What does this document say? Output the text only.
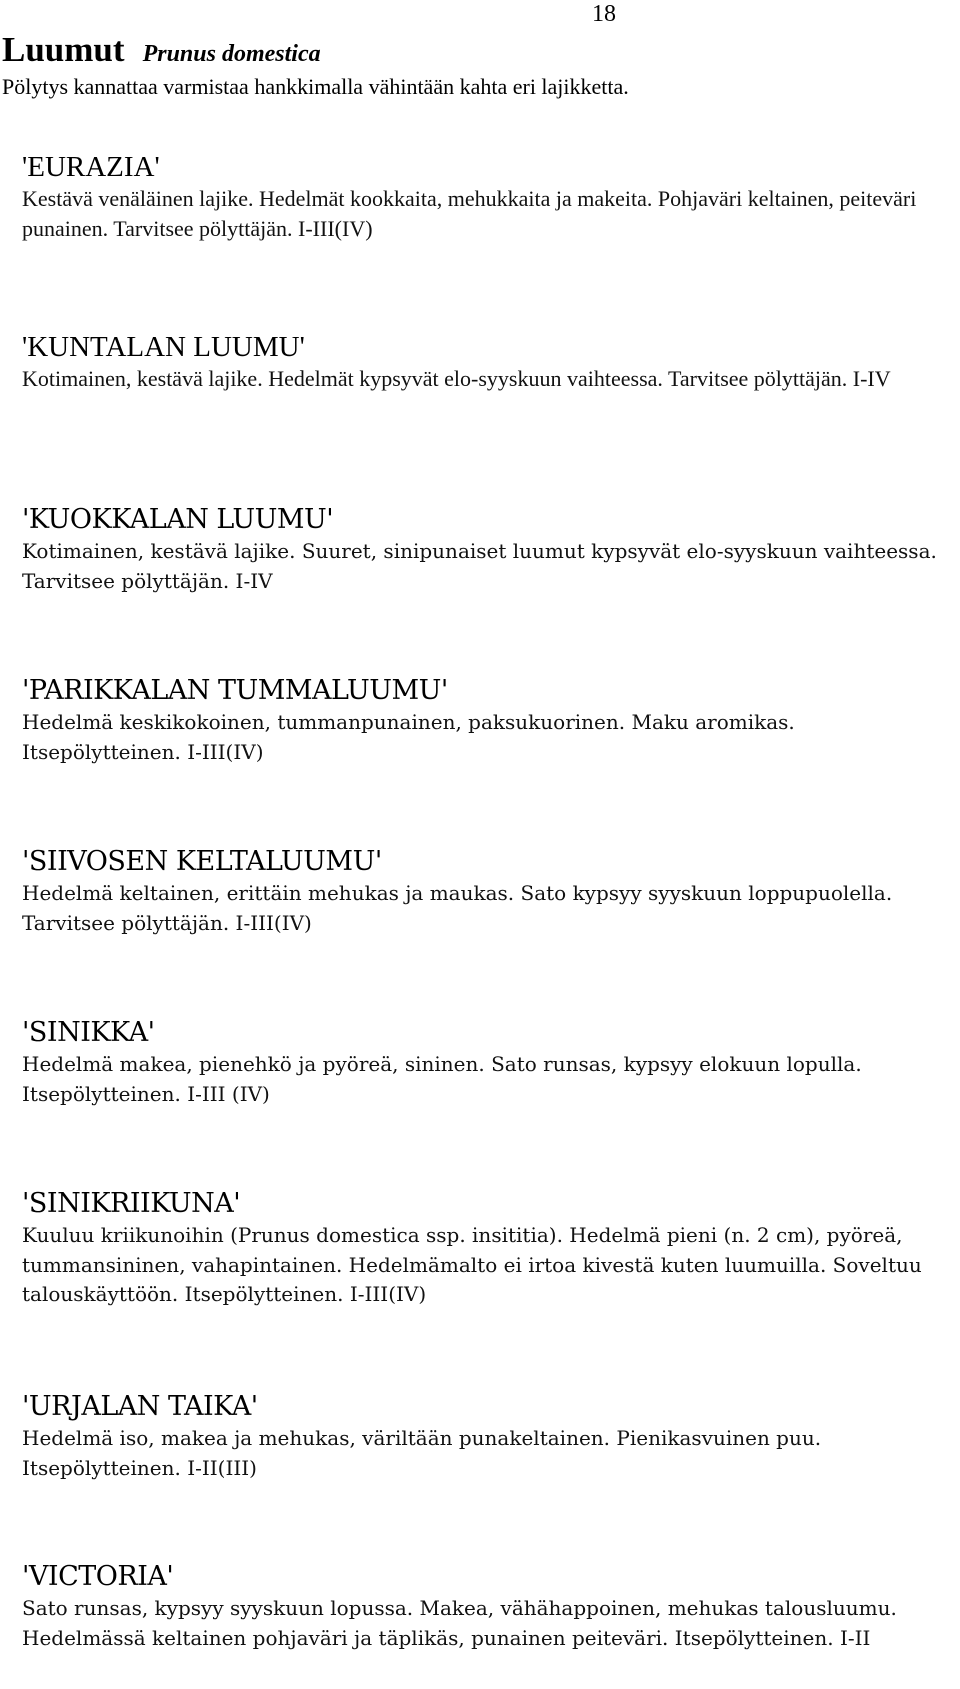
18
Luumut Prunus domestica
Pölytys kannattaa varmistaa hankkimalla vähintään kahta eri lajikketta.
'EURAZIA'
Kestävä venäläinen lajike. Hedelmät kookkaita, mehukkaita ja makeita. Pohjaväri keltainen, peiteväri punainen. Tarvitsee pölyttäjän. I-III(IV)
'KUNTALAN LUUMU'
Kotimainen, kestävä lajike. Hedelmät kypsyvät elo-syyskuun vaihteessa. Tarvitsee pölyttäjän. I-IV
'KUOKKALAN LUUMU'
Kotimainen, kestävä lajike. Suuret, sinipunaiset luumut kypsyvät elo-syyskuun vaihteessa. Tarvitsee pölyttäjän. I-IV
'PARIKKALAN TUMMALUUMU'
Hedelmä keskikokoinen, tummanpunainen, paksukuorinen. Maku aromikas. Itsepölytteinen. I-III(IV)
'SIIVOSEN KELTALUUMU'
Hedelmä keltainen, erittäin mehukas ja maukas. Sato kypsyy syyskuun loppupuolella. Tarvitsee pölyttäjän. I-III(IV)
'SINIKKA'
Hedelmä makea, pienehkö ja pyöreä, sininen. Sato runsas, kypsyy elokuun lopulla. Itsepölytteinen. I-III (IV)
'SINIKRIIKUNA'
Kuuluu kriikunoihin (Prunus domestica ssp. insititia). Hedelmä pieni (n. 2 cm), pyöreä, tummansininen, vahapintainen. Hedelmämalto ei irtoa kivestä kuten luumuilla. Soveltuu talouskäyttöön. Itsepölytteinen. I-III(IV)
'URJALAN TAIKA'
Hedelmä iso, makea ja mehukas, väriltään punakeltainen. Pienikasvuinen puu. Itsepölytteinen. I-II(III)
'VICTORIA'
Sato runsas, kypsyy syyskuun lopussa. Makea, vähähappoinen, mehukas talousluumu. Hedelmässä keltainen pohjaväri ja täplikäs, punainen peiteväri. Itsepölytteinen. I-II
